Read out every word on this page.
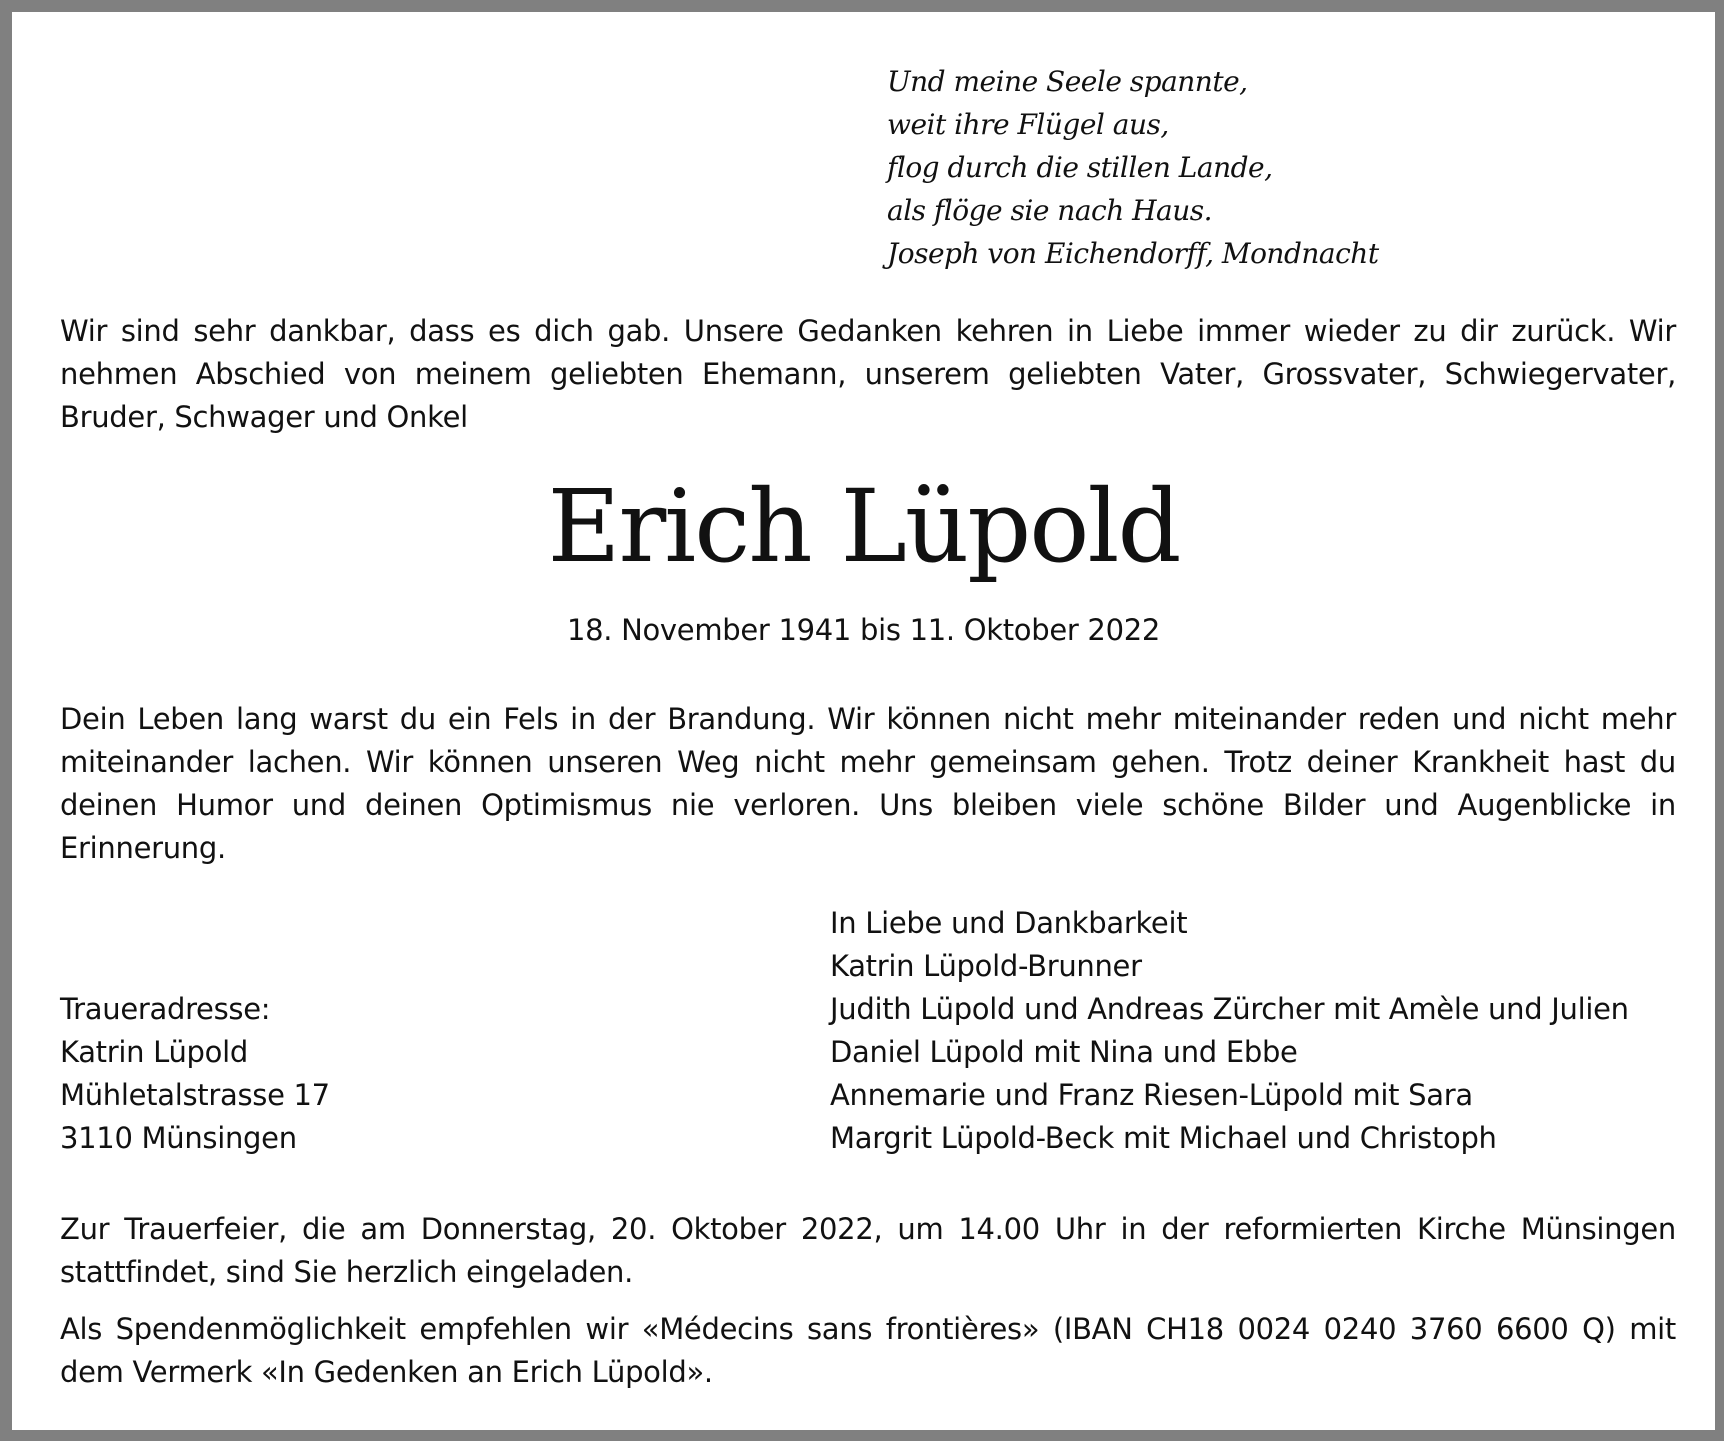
Und meine Seele spannte,
weit ihre Flügel aus,
flog durch die stillen Lande,
als flöge sie nach Haus.
Joseph von Eichendorff, Mondnacht

Wir sind sehr dankbar, dass es dich gab. Unsere Gedanken kehren in Liebe immer wieder zu dir zurück. Wir nehmen Abschied von meinem geliebten Ehemann, unserem geliebten Vater, Grossvater, Schwiegervater, Bruder, Schwager und Onkel

Erich Lüpold
18. November 1941 bis 11. Oktober 2022

Dein Leben lang warst du ein Fels in der Brandung. Wir können nicht mehr miteinander reden und nicht mehr miteinander lachen. Wir können unseren Weg nicht mehr gemeinsam gehen. Trotz deiner Krankheit hast du deinen Humor und deinen Optimismus nie verloren. Uns bleiben viele schöne Bilder und Augenblicke in Erinnerung.

Traueradresse:
Katrin Lüpold
Mühletalstrasse 17
3110 Münsingen
In Liebe und Dankbarkeit
Katrin Lüpold-Brunner
Judith Lüpold und Andreas Zürcher mit Amèle und Julien
Daniel Lüpold mit Nina und Ebbe
Annemarie und Franz Riesen-Lüpold mit Sara
Margrit Lüpold-Beck mit Michael und Christoph

Zur Trauerfeier, die am Donnerstag, 20. Oktober 2022, um 14.00 Uhr in der reformierten Kirche Münsingen stattfindet, sind Sie herzlich eingeladen.

Als Spendenmöglichkeit empfehlen wir «Médecins sans frontières» (IBAN CH18 0024 0240 3760 6600 Q) mit dem Vermerk «In Gedenken an Erich Lüpold».
